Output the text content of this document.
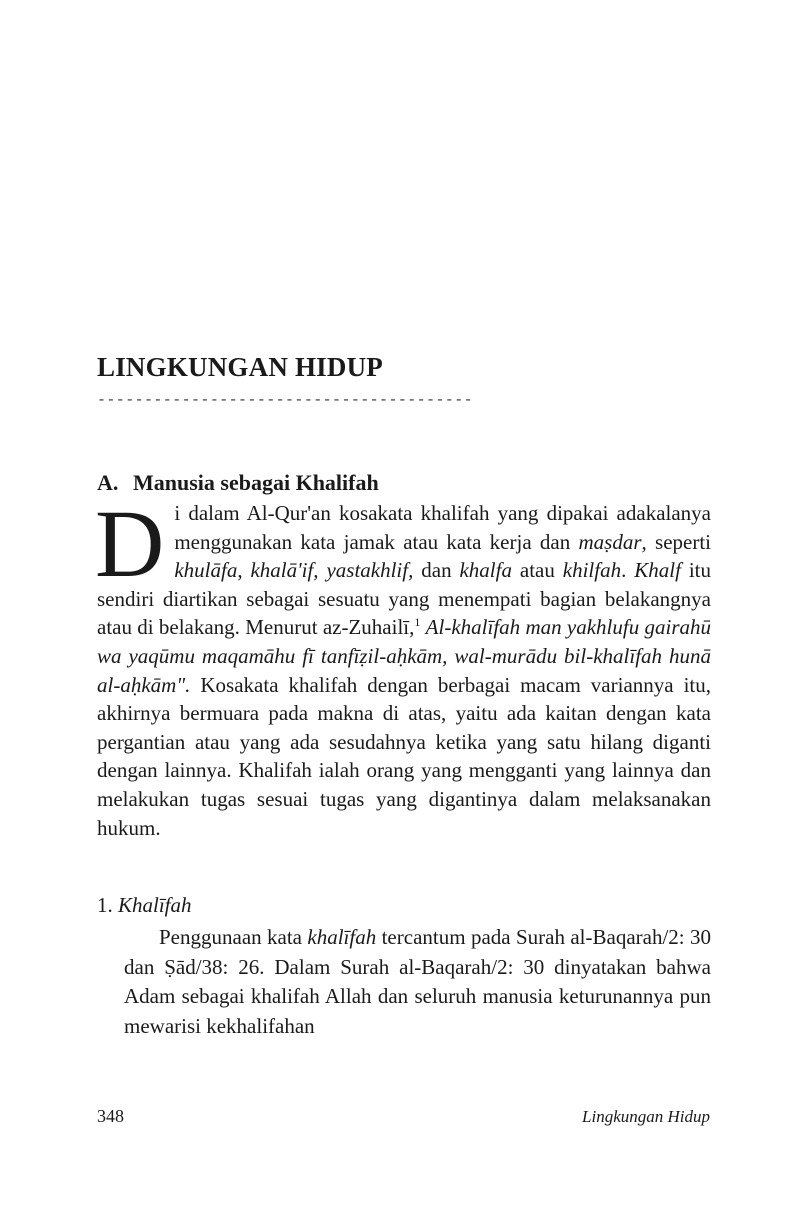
LINGKUNGAN HIDUP
----------------------------------------
A. Manusia sebagai Khalifah

Di dalam Al-Qur'an kosakata khalifah yang dipakai adakalanya menggunakan kata jamak atau kata kerja dan maṣdar, seperti khulāfa, khalā'if, yastakhlif, dan khalfa atau khilfah. Khalf itu sendiri diartikan sebagai sesuatu yang menempati bagian belakangnya atau di belakang. Menurut az-Zuhailī,$^1$ Al-khalīfah man yakhlufu gairahū wa yaqūmu maqamāhu fī tanfīẓil-aḥkām, wal-murādu bil-khalīfah hunā al-aḥkām". Kosakata khalifah dengan berbagai macam variannya itu, akhirnya bermuara pada makna di atas, yaitu ada kaitan dengan kata pergantian atau yang ada sesudahnya ketika yang satu hilang diganti dengan lainnya. Khalifah ialah orang yang mengganti yang lainnya dan melakukan tugas sesuai tugas yang digantinya dalam melaksanakan hukum.

1. Khalīfah

Penggunaan kata khalīfah tercantum pada Surah al-Baqarah/2: 30 dan Ṣād/38: 26. Dalam Surah al-Baqarah/2: 30 dinyatakan bahwa Adam sebagai khalifah Allah dan seluruh manusia keturunannya pun mewarisi kekhalifahan

348	Lingkungan Hidup
